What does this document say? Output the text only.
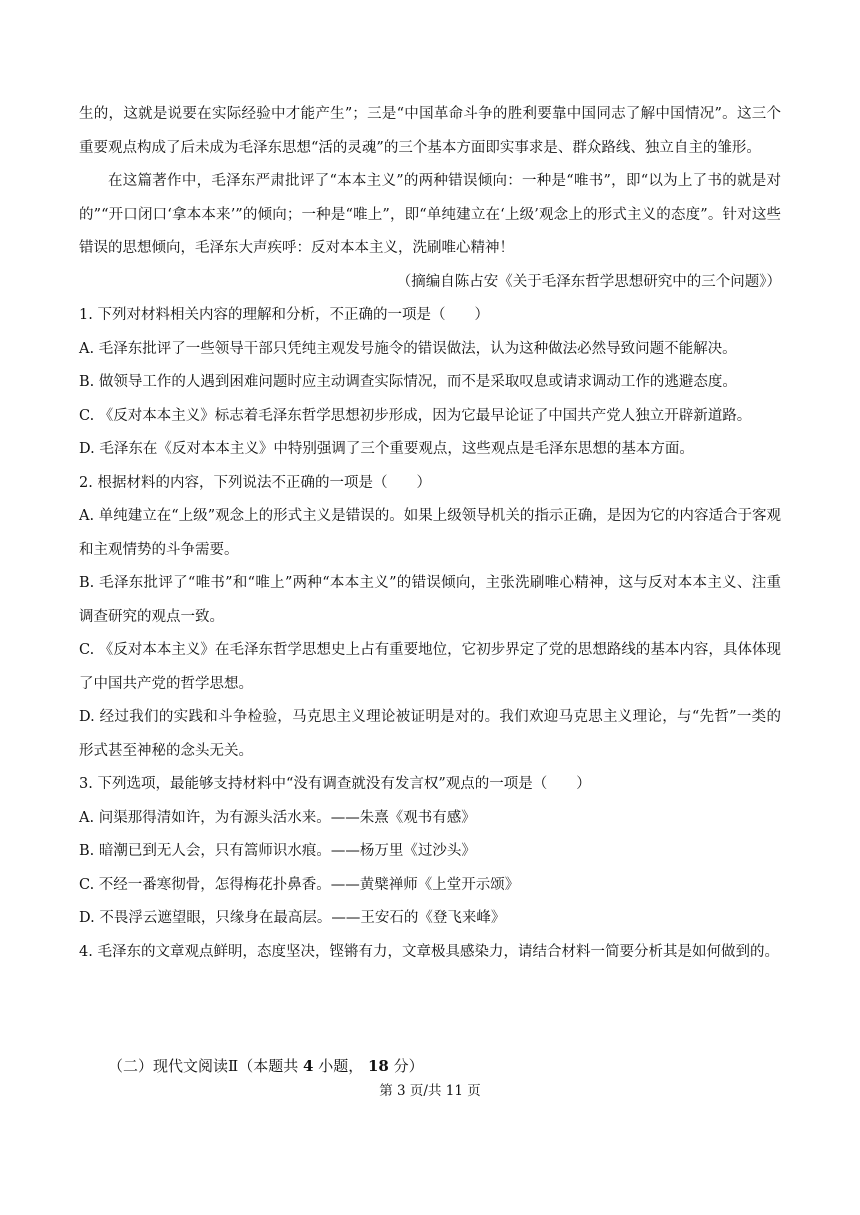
生的，这就是说要在实际经验中才能产生”；三是“中国革命斗争的胜利要靠中国同志了解中国情况”。这三个重要观点构成了后未成为毛泽东思想“活的灵魂”的三个基本方面即实事求是、群众路线、独立自主的雏形。

在这篇著作中，毛泽东严肃批评了“本本主义”的两种错误倾向：一种是“唯书”，即“以为上了书的就是对的”“开口闭口‘拿本本来’”的倾向；一种是“唯上”，即“单纯建立在‘上级’观念上的形式主义的态度”。针对这些错误的思想倾向，毛泽东大声疾呼：反对本本主义，洗刷唯心精神！

（摘编自陈占安《关于毛泽东哲学思想研究中的三个问题》）

1. 下列对材料相关内容的理解和分析，不正确的一项是（　　）

A. 毛泽东批评了一些领导干部只凭纯主观发号施令的错误做法，认为这种做法必然导致问题不能解决。

B. 做领导工作的人遇到困难问题时应主动调查实际情况，而不是采取叹息或请求调动工作的逃避态度。

C. 《反对本本主义》标志着毛泽东哲学思想初步形成，因为它最早论证了中国共产党人独立开辟新道路。

D. 毛泽东在《反对本本主义》中特别强调了三个重要观点，这些观点是毛泽东思想的基本方面。

2. 根据材料的内容，下列说法不正确的一项是（　　）

A. 单纯建立在“上级”观念上的形式主义是错误的。如果上级领导机关的指示正确，是因为它的内容适合于客观和主观情势的斗争需要。

B. 毛泽东批评了“唯书”和“唯上”两种“本本主义”的错误倾向，主张洗刷唯心精神，这与反对本本主义、注重调查研究的观点一致。

C. 《反对本本主义》在毛泽东哲学思想史上占有重要地位，它初步界定了党的思想路线的基本内容，具体体现了中国共产党的哲学思想。

D. 经过我们的实践和斗争检验，马克思主义理论被证明是对的。我们欢迎马克思主义理论，与“先哲”一类的形式甚至神秘的念头无关。

3. 下列选项，最能够支持材料中“没有调查就没有发言权”观点的一项是（　　）

A. 问渠那得清如许，为有源头活水来。——朱熹《观书有感》

B. 暗潮已到无人会，只有篙师识水痕。——杨万里《过沙头》

C. 不经一番寒彻骨，怎得梅花扑鼻香。——黄檗禅师《上堂开示颂》

D. 不畏浮云遮望眼，只缘身在最高层。——王安石的《登飞来峰》

4. 毛泽东的文章观点鲜明，态度坚决，铿锵有力，文章极具感染力，请结合材料一简要分析其是如何做到的。

（二）现代文阅读Ⅱ（本题共 4 小题， 18 分）
第 3 页/共 11 页
